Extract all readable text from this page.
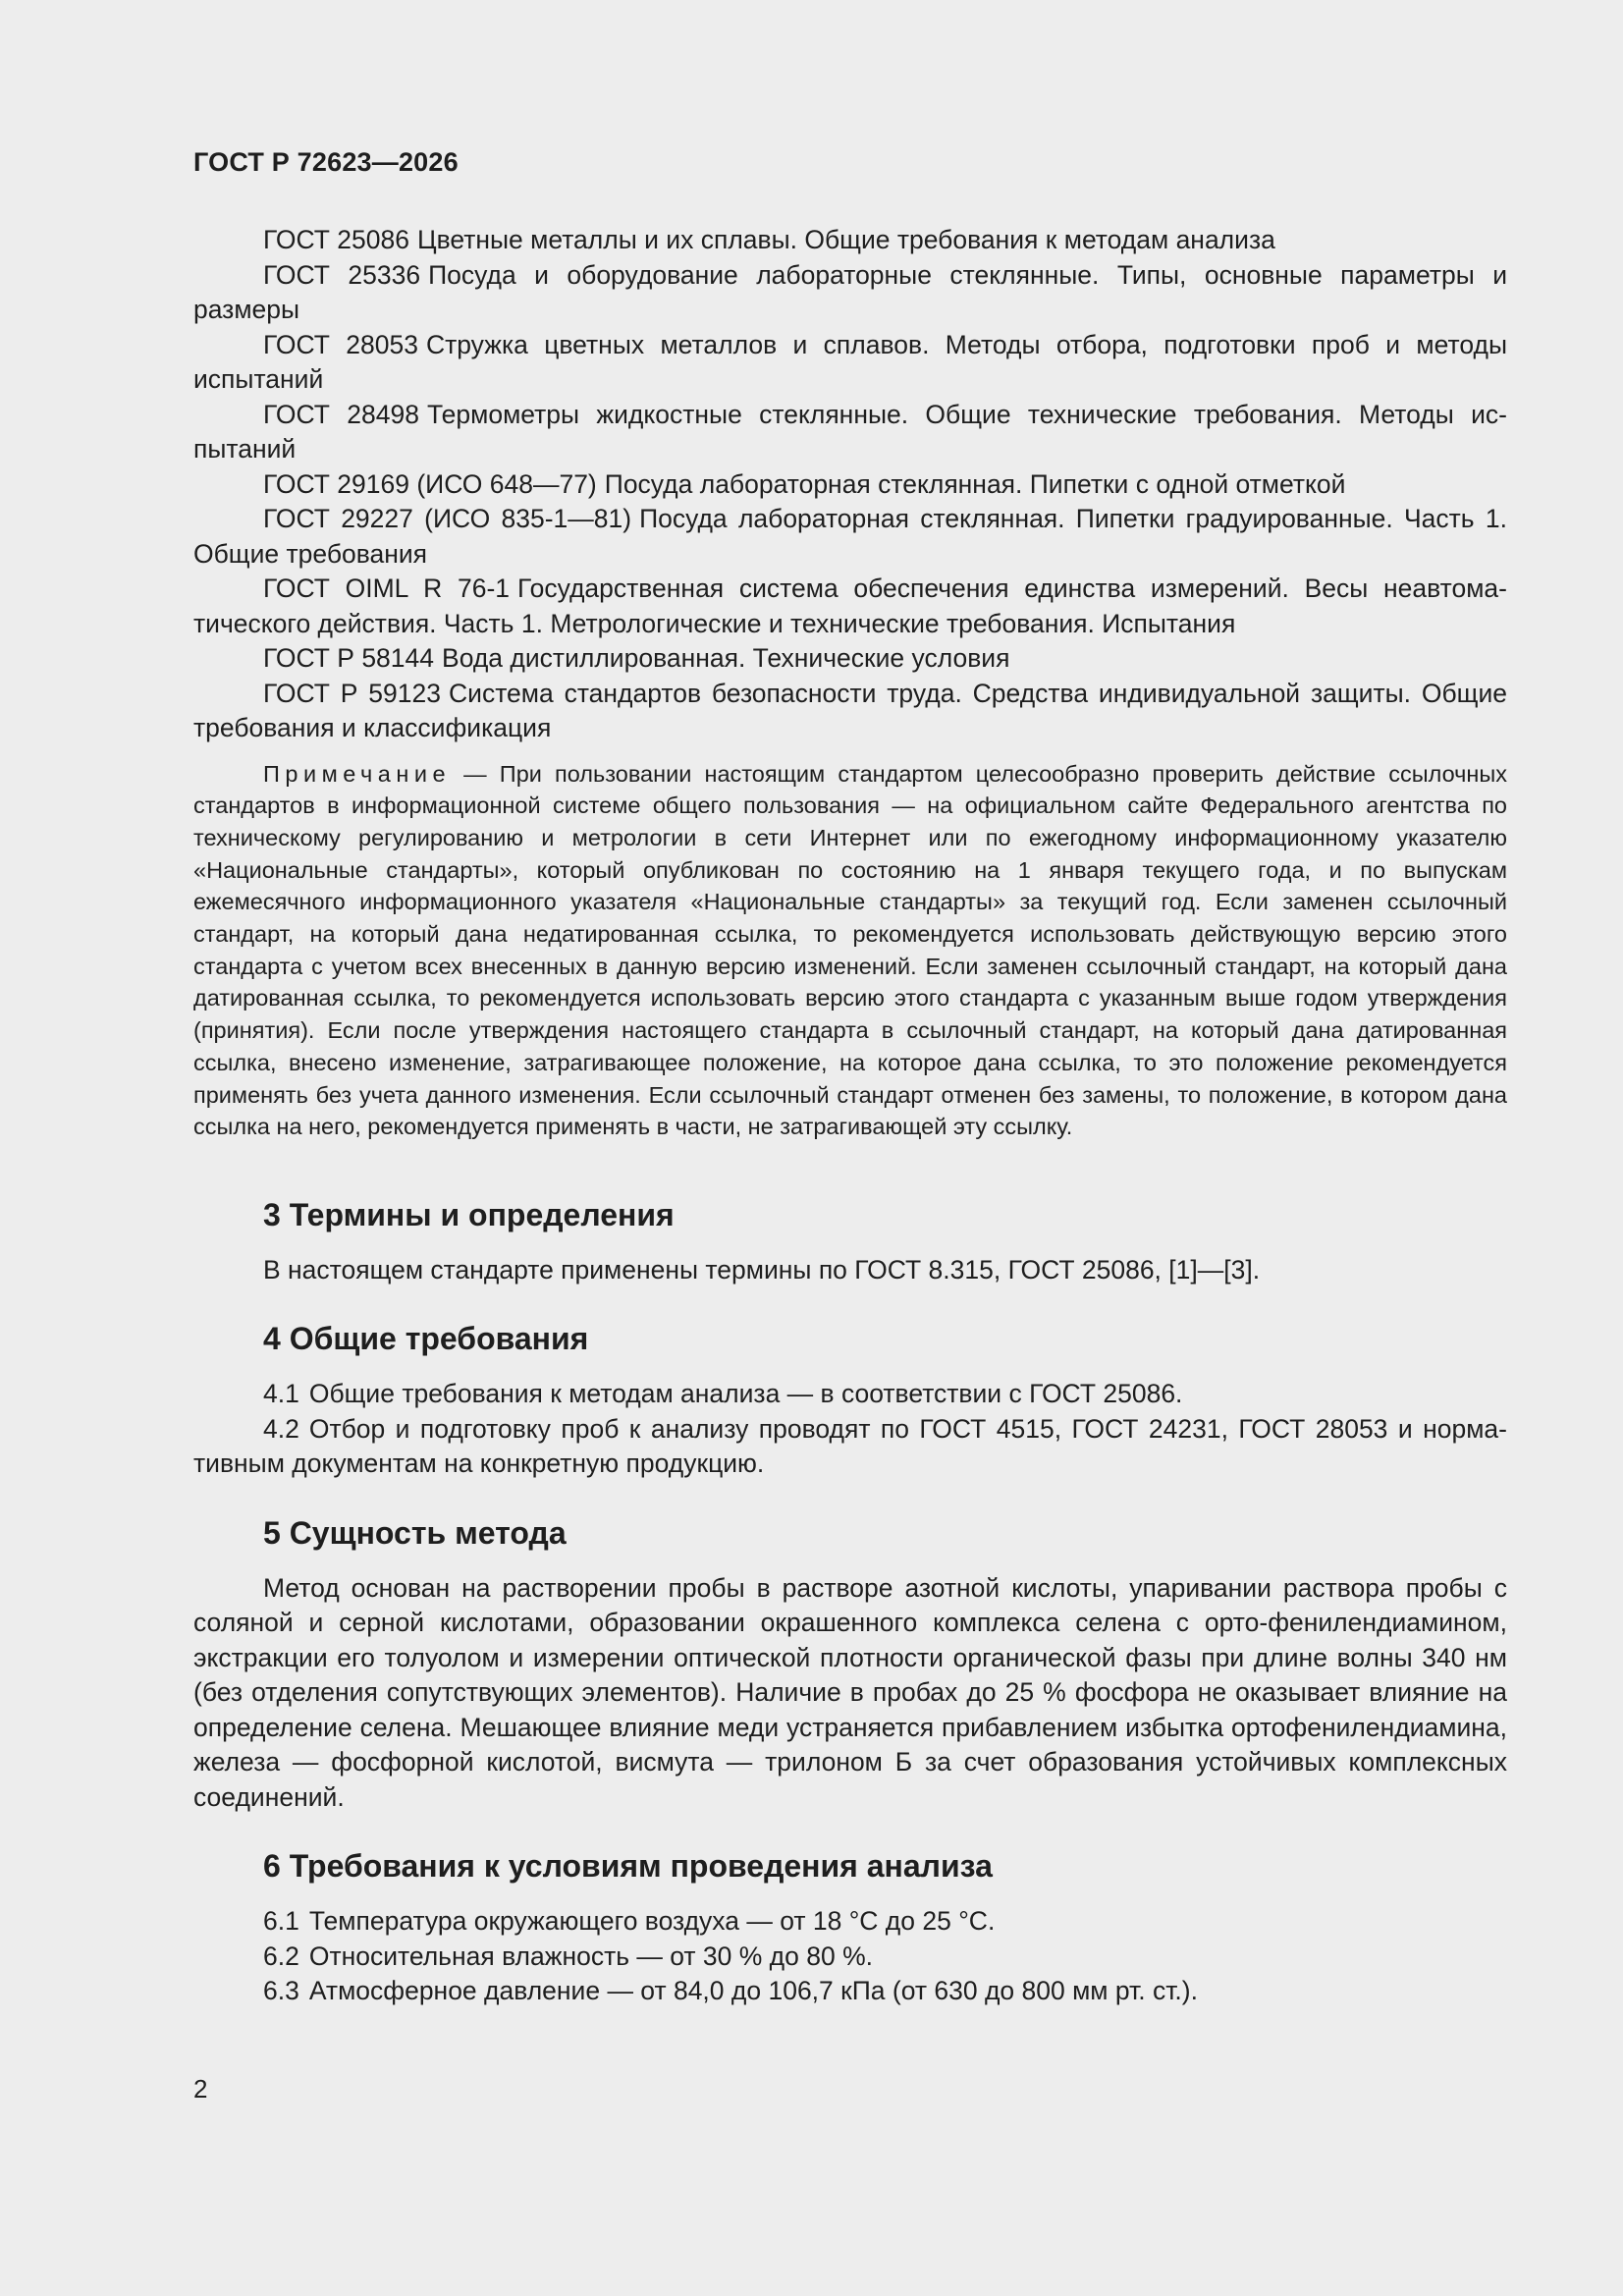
ГОСТ Р 72623—2026
ГОСТ 25086 Цветные металлы и их сплавы. Общие требования к методам анализа
ГОСТ 25336 Посуда и оборудование лабораторные стеклянные. Типы, основные параметры и размеры
ГОСТ 28053 Стружка цветных металлов и сплавов. Методы отбора, подготовки проб и методы испытаний
ГОСТ 28498 Термометры жидкостные стеклянные. Общие технические требования. Методы испытаний
ГОСТ 29169 (ИСО 648—77) Посуда лабораторная стеклянная. Пипетки с одной отметкой
ГОСТ 29227 (ИСО 835-1—81) Посуда лабораторная стеклянная. Пипетки градуированные. Часть 1. Общие требования
ГОСТ OIML R 76-1 Государственная система обеспечения единства измерений. Весы неавтоматического действия. Часть 1. Метрологические и технические требования. Испытания
ГОСТ Р 58144 Вода дистиллированная. Технические условия
ГОСТ Р 59123 Система стандартов безопасности труда. Средства индивидуальной защиты. Общие требования и классификация
Примечание — При пользовании настоящим стандартом целесообразно проверить действие ссылочных стандартов в информационной системе общего пользования — на официальном сайте Федерального агентства по техническому регулированию и метрологии в сети Интернет или по ежегодному информационному указателю «Национальные стандарты», который опубликован по состоянию на 1 января текущего года, и по выпускам ежемесячного информационного указателя «Национальные стандарты» за текущий год. Если заменен ссылочный стандарт, на который дана недатированная ссылка, то рекомендуется использовать действующую версию этого стандарта с учетом всех внесенных в данную версию изменений. Если заменен ссылочный стандарт, на который дана датированная ссылка, то рекомендуется использовать версию этого стандарта с указанным выше годом утверждения (принятия). Если после утверждения настоящего стандарта в ссылочный стандарт, на который дана датированная ссылка, внесено изменение, затрагивающее положение, на которое дана ссылка, то это положение рекомендуется применять без учета данного изменения. Если ссылочный стандарт отменен без замены, то положение, в котором дана ссылка на него, рекомендуется применять в части, не затрагивающей эту ссылку.
3 Термины и определения

В настоящем стандарте применены термины по ГОСТ 8.315, ГОСТ 25086, [1]—[3].

4 Общие требования
4.1 Общие требования к методам анализа — в соответствии с ГОСТ 25086.
4.2 Отбор и подготовку проб к анализу проводят по ГОСТ 4515, ГОСТ 24231, ГОСТ 28053 и нормативным документам на конкретную продукцию.
5 Сущность метода

Метод основан на растворении пробы в растворе азотной кислоты, упаривании раствора пробы с соляной и серной кислотами, образовании окрашенного комплекса селена с орто-фенилендиамином, экстракции его толуолом и измерении оптической плотности органической фазы при длине волны 340 нм (без отделения сопутствующих элементов). Наличие в пробах до 25 % фосфора не оказывает влияние на определение селена. Мешающее влияние меди устраняется прибавлением избытка ортофенилендиамина, железа — фосфорной кислотой, висмута — трилоном Б за счет образования устойчивых комплексных соединений.

6 Требования к условиям проведения анализа
6.1 Температура окружающего воздуха — от 18 °C до 25 °C.
6.2 Относительная влажность — от 30 % до 80 %.
6.3 Атмосферное давление — от 84,0 до 106,7 кПа (от 630 до 800 мм рт. ст.).
2
